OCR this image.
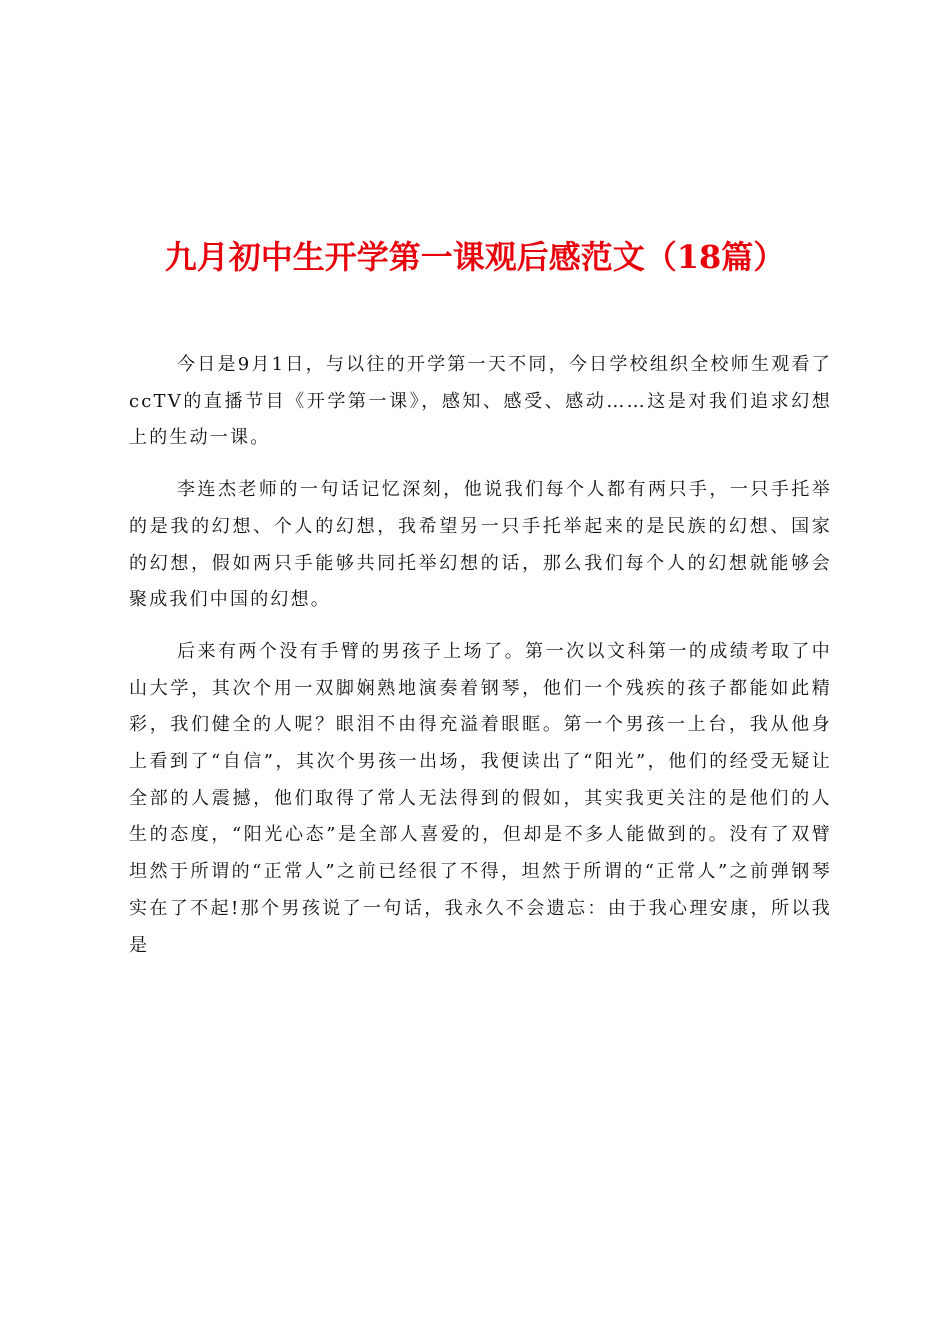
九月初中生开学第一课观后感范文（18篇）

今日是9月1日，与以往的开学第一天不同，今日学校组织全校师生观看了ccTV的直播节目《开学第一课》，感知、感受、感动……这是对我们追求幻想上的生动一课。

李连杰老师的一句话记忆深刻，他说我们每个人都有两只手，一只手托举的是我的幻想、个人的幻想，我希望另一只手托举起来的是民族的幻想、国家的幻想，假如两只手能够共同托举幻想的话，那么我们每个人的幻想就能够会聚成我们中国的幻想。

后来有两个没有手臂的男孩子上场了。第一次以文科第一的成绩考取了中山大学，其次个用一双脚娴熟地演奏着钢琴，他们一个残疾的孩子都能如此精彩，我们健全的人呢？眼泪不由得充溢着眼眶。第一个男孩一上台，我从他身上看到了“自信”，其次个男孩一出场，我便读出了“阳光”，他们的经受无疑让全部的人震撼，他们取得了常人无法得到的假如，其实我更关注的是他们的人生的态度，“阳光心态”是全部人喜爱的，但却是不多人能做到的。没有了双臂坦然于所谓的“正常人”之前已经很了不得，坦然于所谓的“正常人”之前弹钢琴实在了不起!那个男孩说了一句话，我永久不会遗忘：由于我心理安康，所以我是
